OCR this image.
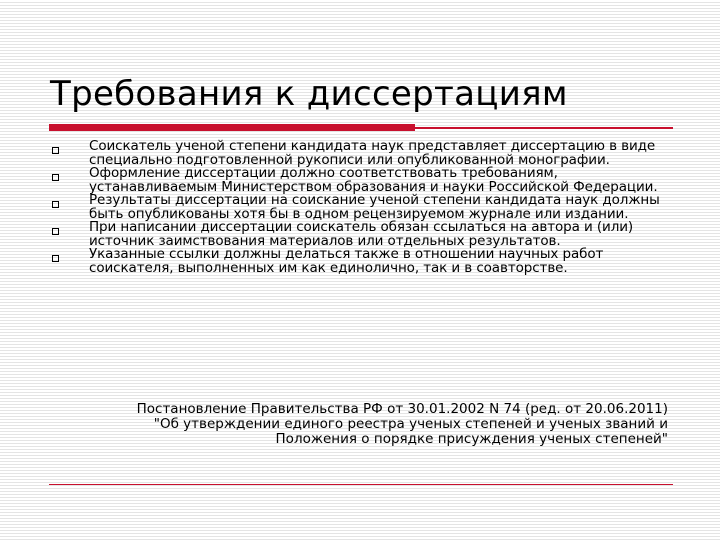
Требования к диссертациям
Соискатель ученой степени кандидата наук представляет диссертацию в виде специально подготовленной рукописи или опубликованной монографии.
Оформление диссертации должно соответствовать требованиям, устанавливаемым Министерством образования и науки Российской Федерации.
Результаты диссертации на соискание ученой степени кандидата наук должны быть опубликованы хотя бы в одном рецензируемом журнале или издании.
При написании диссертации соискатель обязан ссылаться на автора и (или) источник заимствования материалов или отдельных результатов.
Указанные ссылки должны делаться также в отношении научных работ соискателя, выполненных им как единолично, так и в соавторстве.

Постановление Правительства РФ от 30.01.2002 N 74 (ред. от 20.06.2011)
"Об утверждении единого реестра ученых степеней и ученых званий и
Положения о порядке присуждения ученых степеней"
